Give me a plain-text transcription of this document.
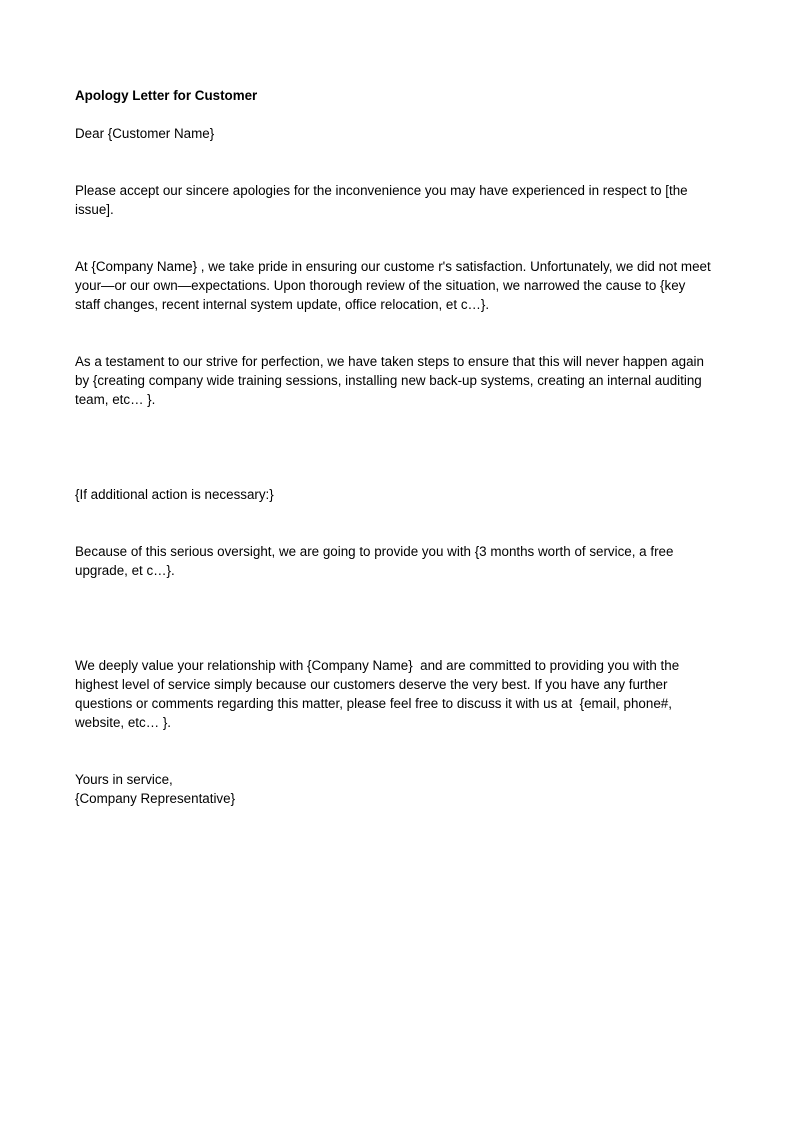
Apology Letter for Customer

Dear {Customer Name}

Please accept our sincere apologies for the inconvenience you may have experienced in respect to [the issue].

At {Company Name} , we take pride in ensuring our custome r's satisfaction. Unfortunately, we did not meet your—or our own—expectations. Upon thorough review of the situation, we narrowed the cause to {key staff changes, recent internal system update, office relocation, et c…}.

As a testament to our strive for perfection, we have taken steps to ensure that this will never happen again by {creating company wide training sessions, installing new back-up systems, creating an internal auditing team, etc… }.

{If additional action is necessary:}

Because of this serious oversight, we are going to provide you with {3 months worth of service, a free upgrade, et c…}.

We deeply value your relationship with {Company Name}  and are committed to providing you with the highest level of service simply because our customers deserve the very best. If you have any further questions or comments regarding this matter, please feel free to discuss it with us at  {email, phone#, website, etc… }.

Yours in service,
{Company Representative}
